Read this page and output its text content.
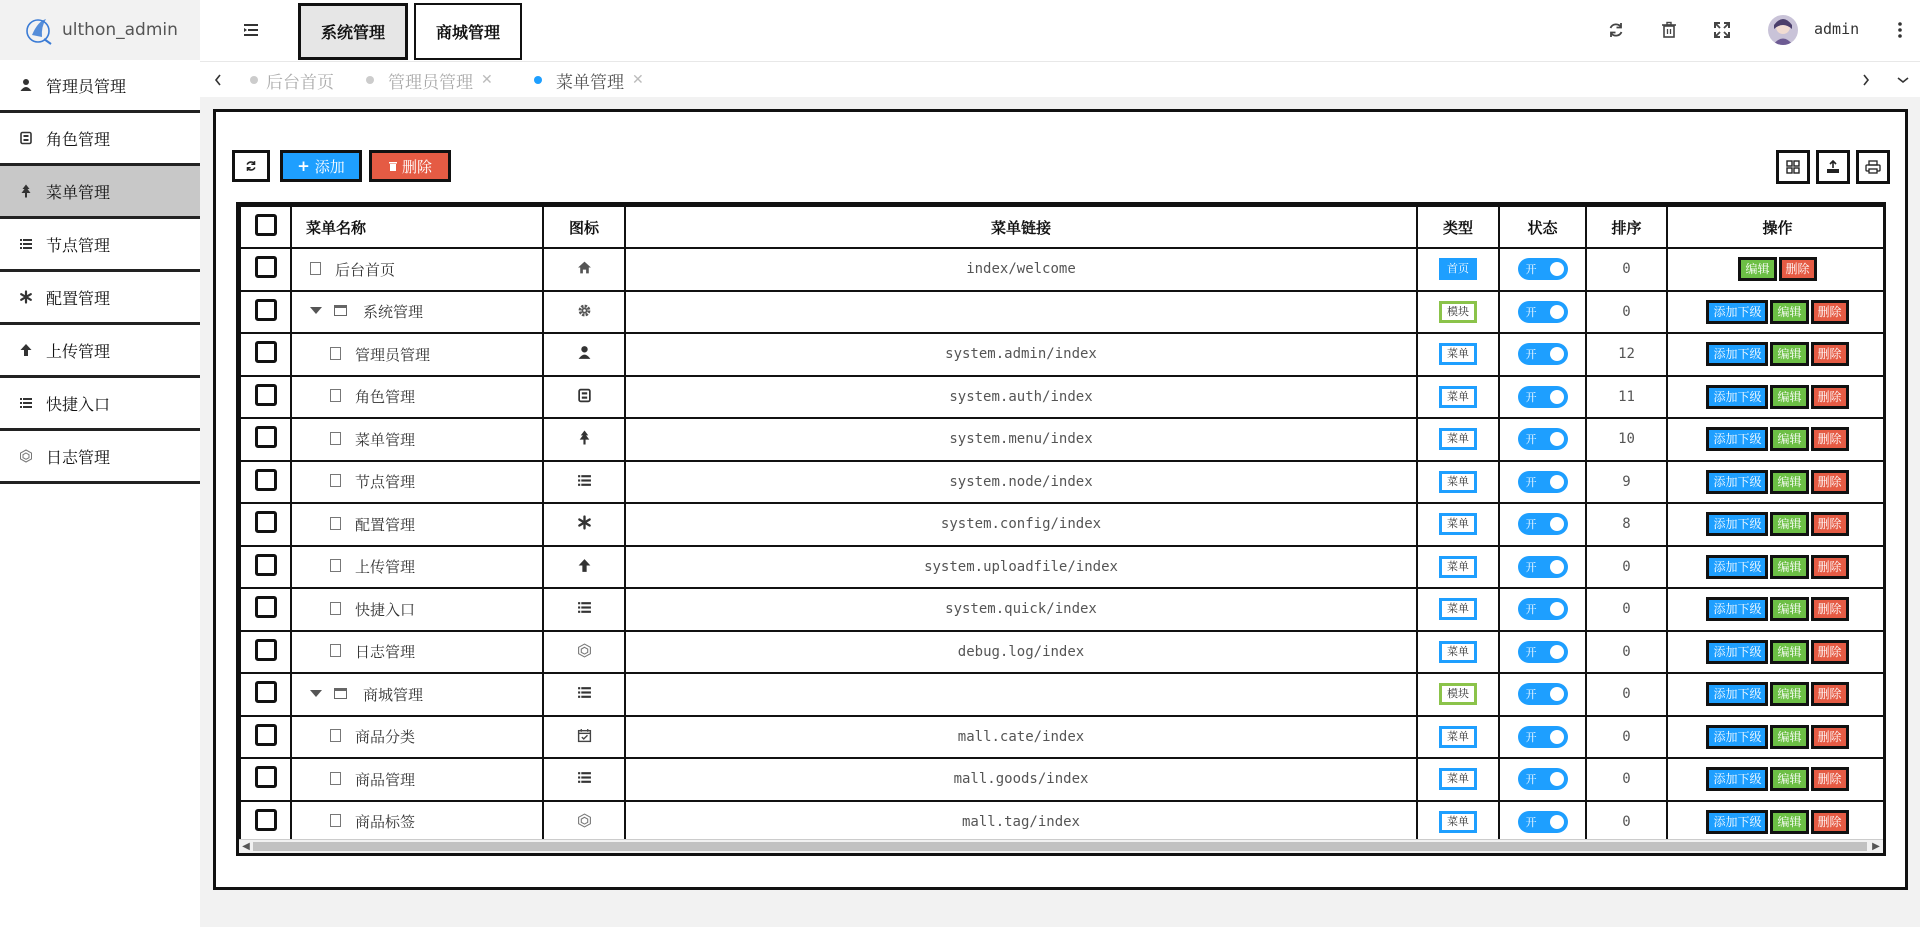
ulthon_admin
管理员管理
角色管理
菜单管理
节点管理
配置管理
上传管理
快捷入口
日志管理
系统管理	商城管理	admin
后台首页	管理员管理 ✕	菜单管理 ✕
+ 添加	删除
	菜单名称	图标	菜单链接	类型	状态	排序	操作
	后台首页		index/welcome	首页	开	0	编辑 删除
	系统管理			模块	开	0	添加下级 编辑 删除
	管理员管理		system.admin/index	菜单	开	12	添加下级 编辑 删除
	角色管理		system.auth/index	菜单	开	11	添加下级 编辑 删除
	菜单管理		system.menu/index	菜单	开	10	添加下级 编辑 删除
	节点管理		system.node/index	菜单	开	9	添加下级 编辑 删除
	配置管理		system.config/index	菜单	开	8	添加下级 编辑 删除
	上传管理		system.uploadfile/index	菜单	开	0	添加下级 编辑 删除
	快捷入口		system.quick/index	菜单	开	0	添加下级 编辑 删除
	日志管理		debug.log/index	菜单	开	0	添加下级 编辑 删除
	商城管理			模块	开	0	添加下级 编辑 删除
	商品分类		mall.cate/index	菜单	开	0	添加下级 编辑 删除
	商品管理		mall.goods/index	菜单	开	0	添加下级 编辑 删除
	商品标签		mall.tag/index	菜单	开	0	添加下级 编辑 删除
◀	▶
